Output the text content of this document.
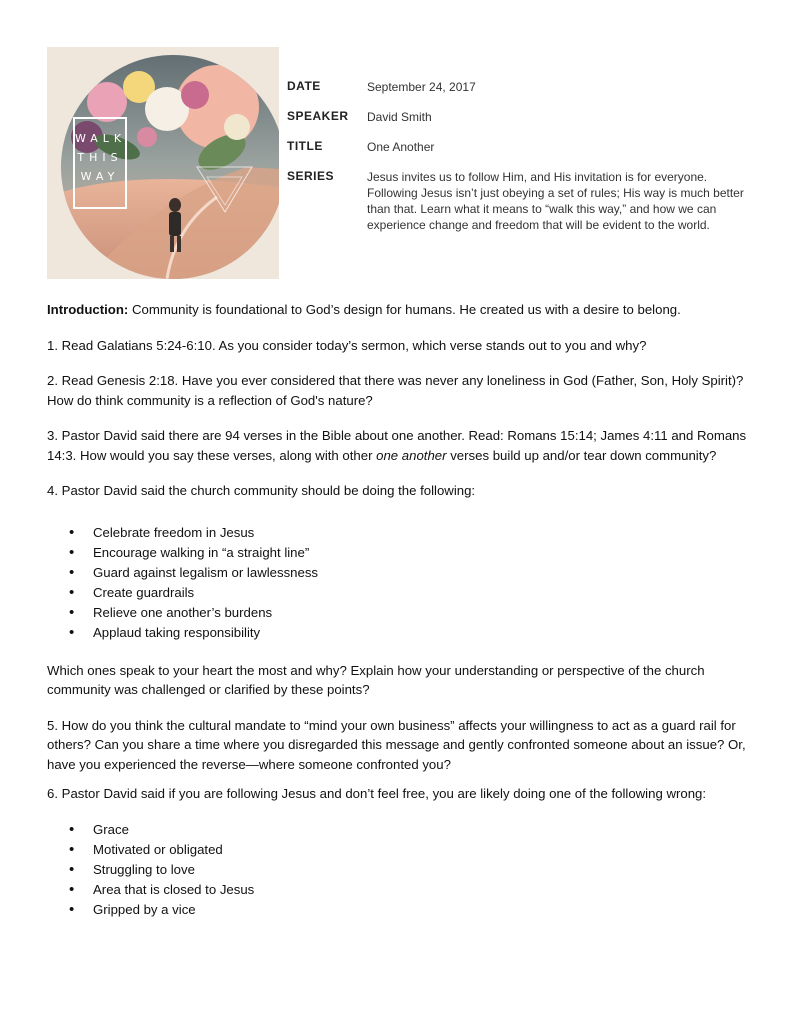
WALK
THIS
WAY
DATE	September 24, 2017
SPEAKER	David Smith
TITLE	One Another
SERIES	Jesus invites us to follow Him, and His invitation is for everyone. Following Jesus isn’t just obeying a set of rules; His way is much better than that. Learn what it means to “walk this way,” and how we can experience change and freedom that will be evident to the world.

Introduction: Community is foundational to God’s design for humans. He created us with a desire to belong.

1. Read Galatians 5:24-6:10. As you consider today’s sermon, which verse stands out to you and why?

2. Read Genesis 2:18. Have you ever considered that there was never any loneliness in God (Father, Son, Holy Spirit)? How do think community is a reflection of God's nature?

3. Pastor David said there are 94 verses in the Bible about one another. Read: Romans 15:14; James 4:11 and Romans 14:3. How would you say these verses, along with other one another verses build up and/or tear down community?

4. Pastor David said the church community should be doing the following:

• Celebrate freedom in Jesus
• Encourage walking in “a straight line”
• Guard against legalism or lawlessness
• Create guardrails
• Relieve one another’s burdens
• Applaud taking responsibility

Which ones speak to your heart the most and why? Explain how your understanding or perspective of the church community was challenged or clarified by these points?

5. How do you think the cultural mandate to “mind your own business” affects your willingness to act as a guard rail for others? Can you share a time where you disregarded this message and gently confronted someone about an issue? Or, have you experienced the reverse—where someone confronted you?

6. Pastor David said if you are following Jesus and don’t feel free, you are likely doing one of the following wrong:

• Grace
• Motivated or obligated
• Struggling to love
• Area that is closed to Jesus
• Gripped by a vice
